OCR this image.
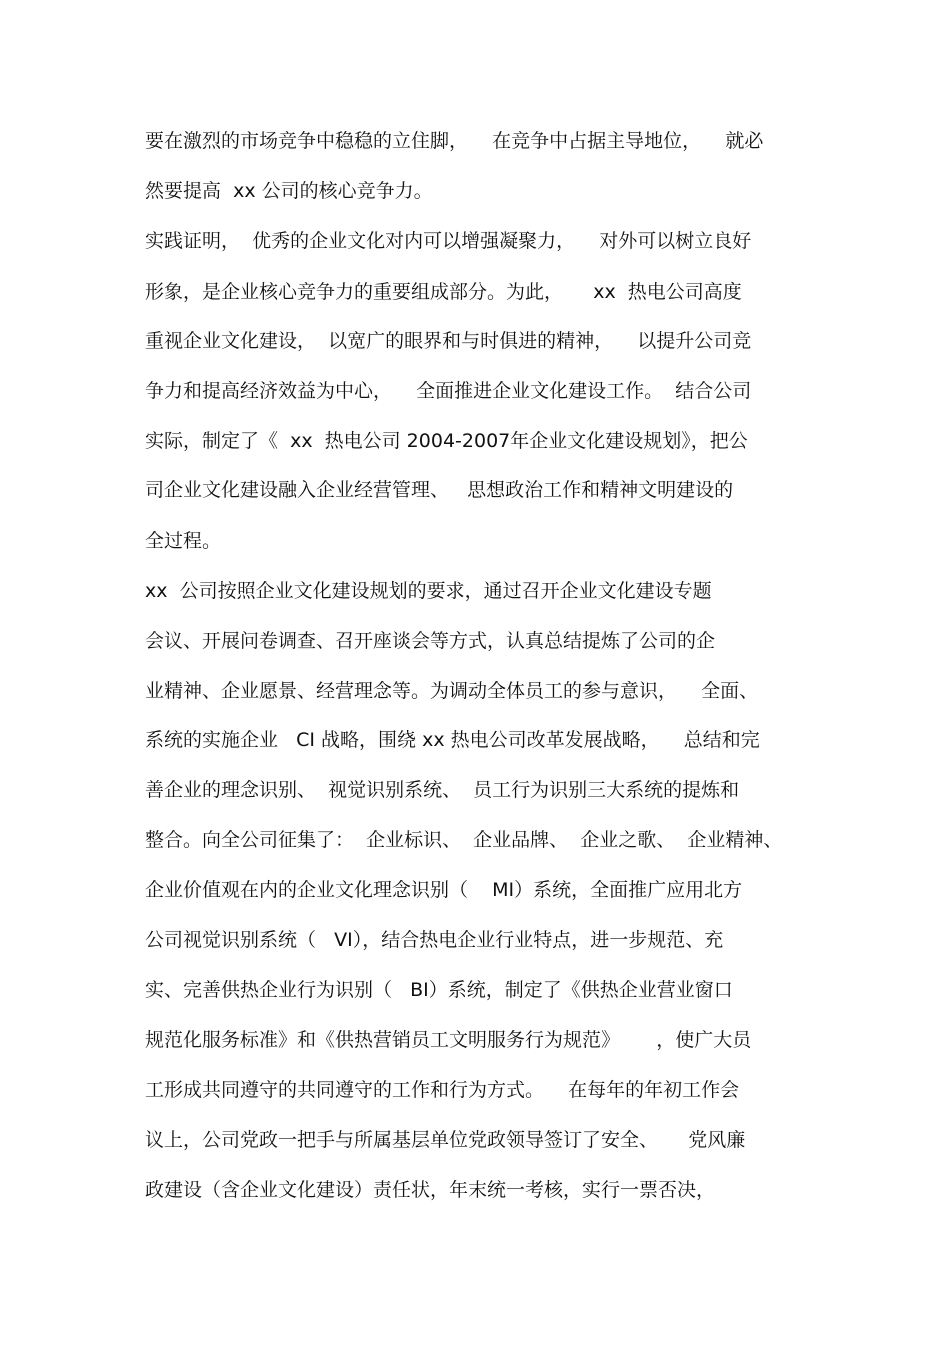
要在激烈的市场竞争中稳稳的立住脚，    在竞争中占据主导地位，    就必
然要提高  xx 公司的核心竞争力。
实践证明，  优秀的企业文化对内可以增强凝聚力，    对外可以树立良好
形象，是企业核心竞争力的重要组成部分。为此，     xx  热电公司高度
重视企业文化建设，  以宽广的眼界和与时俱进的精神，    以提升公司竞
争力和提高经济效益为中心，    全面推进企业文化建设工作。  结合公司
实际，制定了《  xx  热电公司 2004-2007年企业文化建设规划》，把公
司企业文化建设融入企业经营管理、   思想政治工作和精神文明建设的
全过程。
xx  公司按照企业文化建设规划的要求，通过召开企业文化建设专题
会议、开展问卷调查、召开座谈会等方式，认真总结提炼了公司的企
业精神、企业愿景、经营理念等。为调动全体员工的参与意识，    全面、
系统的实施企业   CI 战略，围绕 xx 热电公司改革发展战略，    总结和完
善企业的理念识别、  视觉识别系统、  员工行为识别三大系统的提炼和
整合。向全公司征集了：  企业标识、  企业品牌、  企业之歌、  企业精神、
企业价值观在内的企业文化理念识别（    MI）系统，全面推广应用北方
公司视觉识别系统（   VI），结合热电企业行业特点，进一步规范、充
实、完善供热企业行为识别（   BI）系统，制定了《供热企业营业窗口
规范化服务标准》和《供热营销员工文明服务行为规范》      ，使广大员
工形成共同遵守的共同遵守的工作和行为方式。    在每年的年初工作会
议上，公司党政一把手与所属基层单位党政领导签订了安全、     党风廉
政建设（含企业文化建设）责任状，年末统一考核，实行一票否决，
